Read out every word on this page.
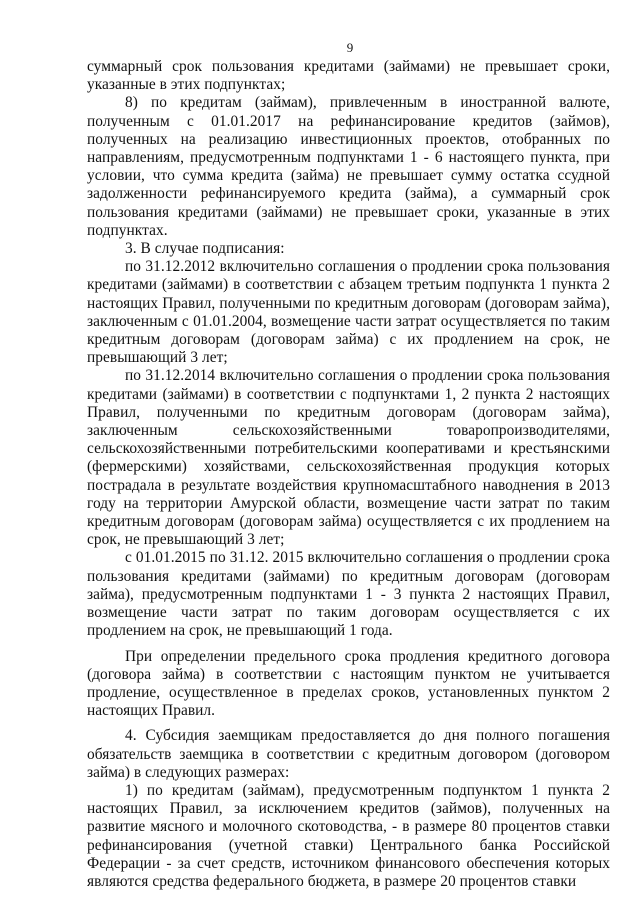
9

суммарный срок пользования кредитами (займами) не превышает сроки, указанные в этих подпунктах;

8) по кредитам (займам), привлеченным в иностранной валюте, полученным с 01.01.2017 на рефинансирование кредитов (займов), полученных на реализацию инвестиционных проектов, отобранных по направлениям, предусмотренным подпунктами 1 - 6 настоящего пункта, при условии, что сумма кредита (займа) не превышает сумму остатка ссудной задолженности рефинансируемого кредита (займа), а суммарный срок пользования кредитами (займами) не превышает сроки, указанные в этих подпунктах.

3. В случае подписания:

по 31.12.2012 включительно соглашения о продлении срока пользования кредитами (займами) в соответствии с абзацем третьим подпункта 1 пункта 2 настоящих Правил, полученными по кредитным договорам (договорам займа), заключенным с 01.01.2004, возмещение части затрат осуществляется по таким кредитным договорам (договорам займа) с их продлением на срок, не превышающий 3 лет;

по 31.12.2014 включительно соглашения о продлении срока пользования кредитами (займами) в соответствии с подпунктами 1, 2 пункта 2 настоящих Правил, полученными по кредитным договорам (договорам займа), заключенным сельскохозяйственными товаропроизводителями, сельскохозяйственными потребительскими кооперативами и крестьянскими (фермерскими) хозяйствами, сельскохозяйственная продукция которых пострадала в результате воздействия крупномасштабного наводнения в 2013 году на территории Амурской области, возмещение части затрат по таким кредитным договорам (договорам займа) осуществляется с их продлением на срок, не превышающий 3 лет;

с 01.01.2015 по 31.12. 2015 включительно соглашения о продлении срока пользования кредитами (займами) по кредитным договорам (договорам займа), предусмотренным подпунктами 1 - 3 пункта 2 настоящих Правил, возмещение части затрат по таким договорам осуществляется с их продлением на срок, не превышающий 1 года.

При определении предельного срока продления кредитного договора (договора займа) в соответствии с настоящим пунктом не учитывается продление, осуществленное в пределах сроков, установленных пунктом 2 настоящих Правил.

4. Субсидия заемщикам предоставляется до дня полного погашения обязательств заемщика в соответствии с кредитным договором (договором займа) в следующих размерах:

1) по кредитам (займам), предусмотренным подпунктом 1 пункта 2 настоящих Правил, за исключением кредитов (займов), полученных на развитие мясного и молочного скотоводства, - в размере 80 процентов ставки рефинансирования (учетной ставки) Центрального банка Российской Федерации - за счет средств, источником финансового обеспечения которых являются средства федерального бюджета, в размере 20 процентов ставки
